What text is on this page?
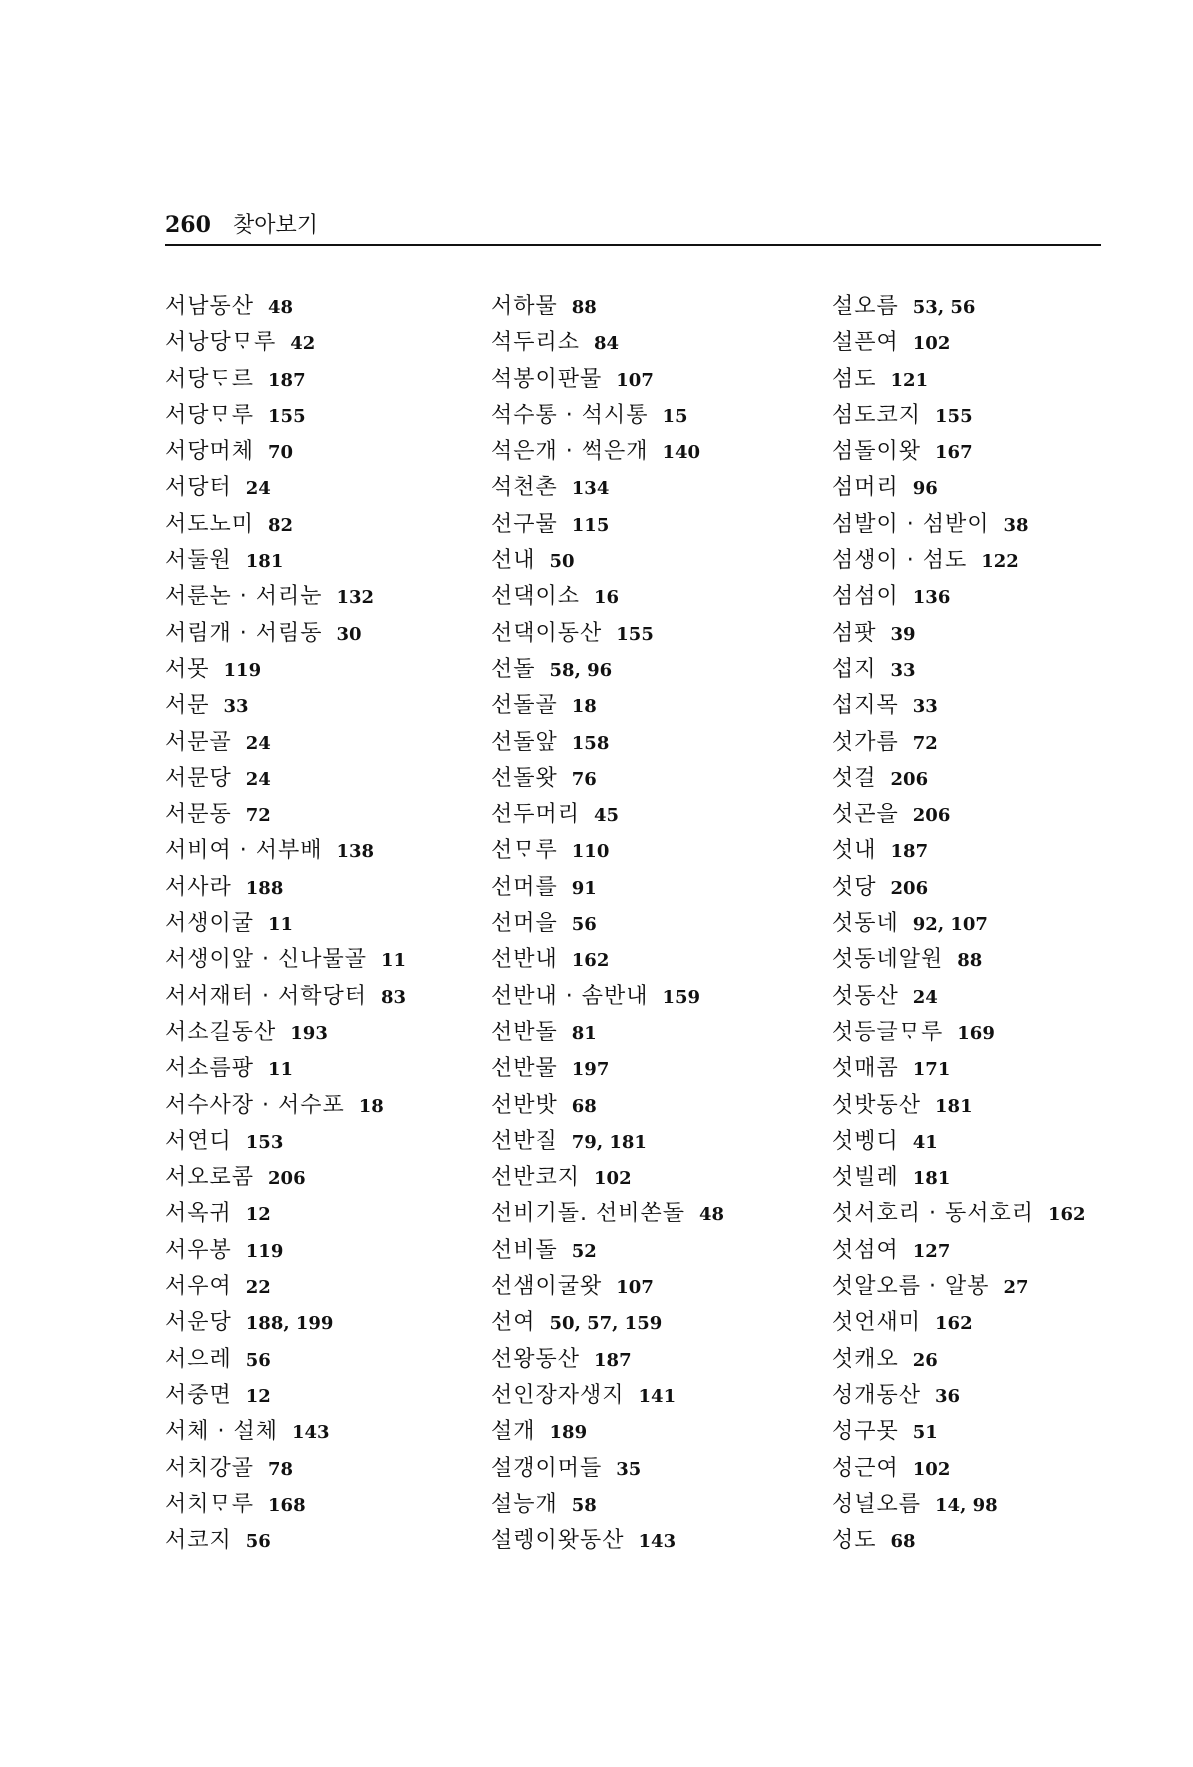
260 찾아보기
서남동산 48
서낭당ᄆᆞ루 42
서당ᄃᆞ르 187
서당ᄆᆞ루 155
서당머체 70
서당터 24
서도노미 82
서둘원 181
서룬논 · 서리눈 132
서림개 · 서림동 30
서못 119
서문 33
서문골 24
서문당 24
서문동 72
서비여 · 서부배 138
서사라 188
서생이굴 11
서생이앞 · 신나물골 11
서서재터 · 서학당터 83
서소길동산 193
서소름팡 11
서수사장 · 서수포 18
서연디 153
서오로콤 206
서옥귀 12
서우봉 119
서우여 22
서운당 188, 199
서으레 56
서중면 12
서체 · 설체 143
서치강골 78
서치ᄆᆞ루 168
서코지 56
서하물 88
석두리소 84
석봉이판물 107
석수통 · 석시통 15
석은개 · 썩은개 140
석천촌 134
선구물 115
선내 50
선댁이소 16
선댁이동산 155
선돌 58, 96
선돌골 18
선돌앞 158
선돌왓 76
선두머리 45
선ᄆᆞ루 110
선머를 91
선머을 56
선반내 162
선반내 · 솜반내 159
선반돌 81
선반물 197
선반밧 68
선반질 79, 181
선반코지 102
선비기돌. 선비쏜돌 48
선비돌 52
선샘이굴왓 107
선여 50, 57, 159
선왕동산 187
선인장자생지 141
설개 189
설갱이머들 35
설능개 58
설렝이왓동산 143
설오름 53, 56
설픈여 102
섬도 121
섬도코지 155
섬돌이왓 167
섬머리 96
섬발이 · 섬받이 38
섬생이 · 섬도 122
섬섬이 136
섬팟 39
섭지 33
섭지목 33
섯가름 72
섯걸 206
섯곤을 206
섯내 187
섯당 206
섯동네 92, 107
섯동네알원 88
섯동산 24
섯등글ᄆᆞ루 169
섯매콤 171
섯밧동산 181
섯벵디 41
섯빌레 181
섯서호리 · 동서호리 162
섯섬여 127
섯알오름 · 알봉 27
섯언새미 162
섯캐오 26
성개동산 36
성구못 51
성근여 102
성널오름 14, 98
성도 68
